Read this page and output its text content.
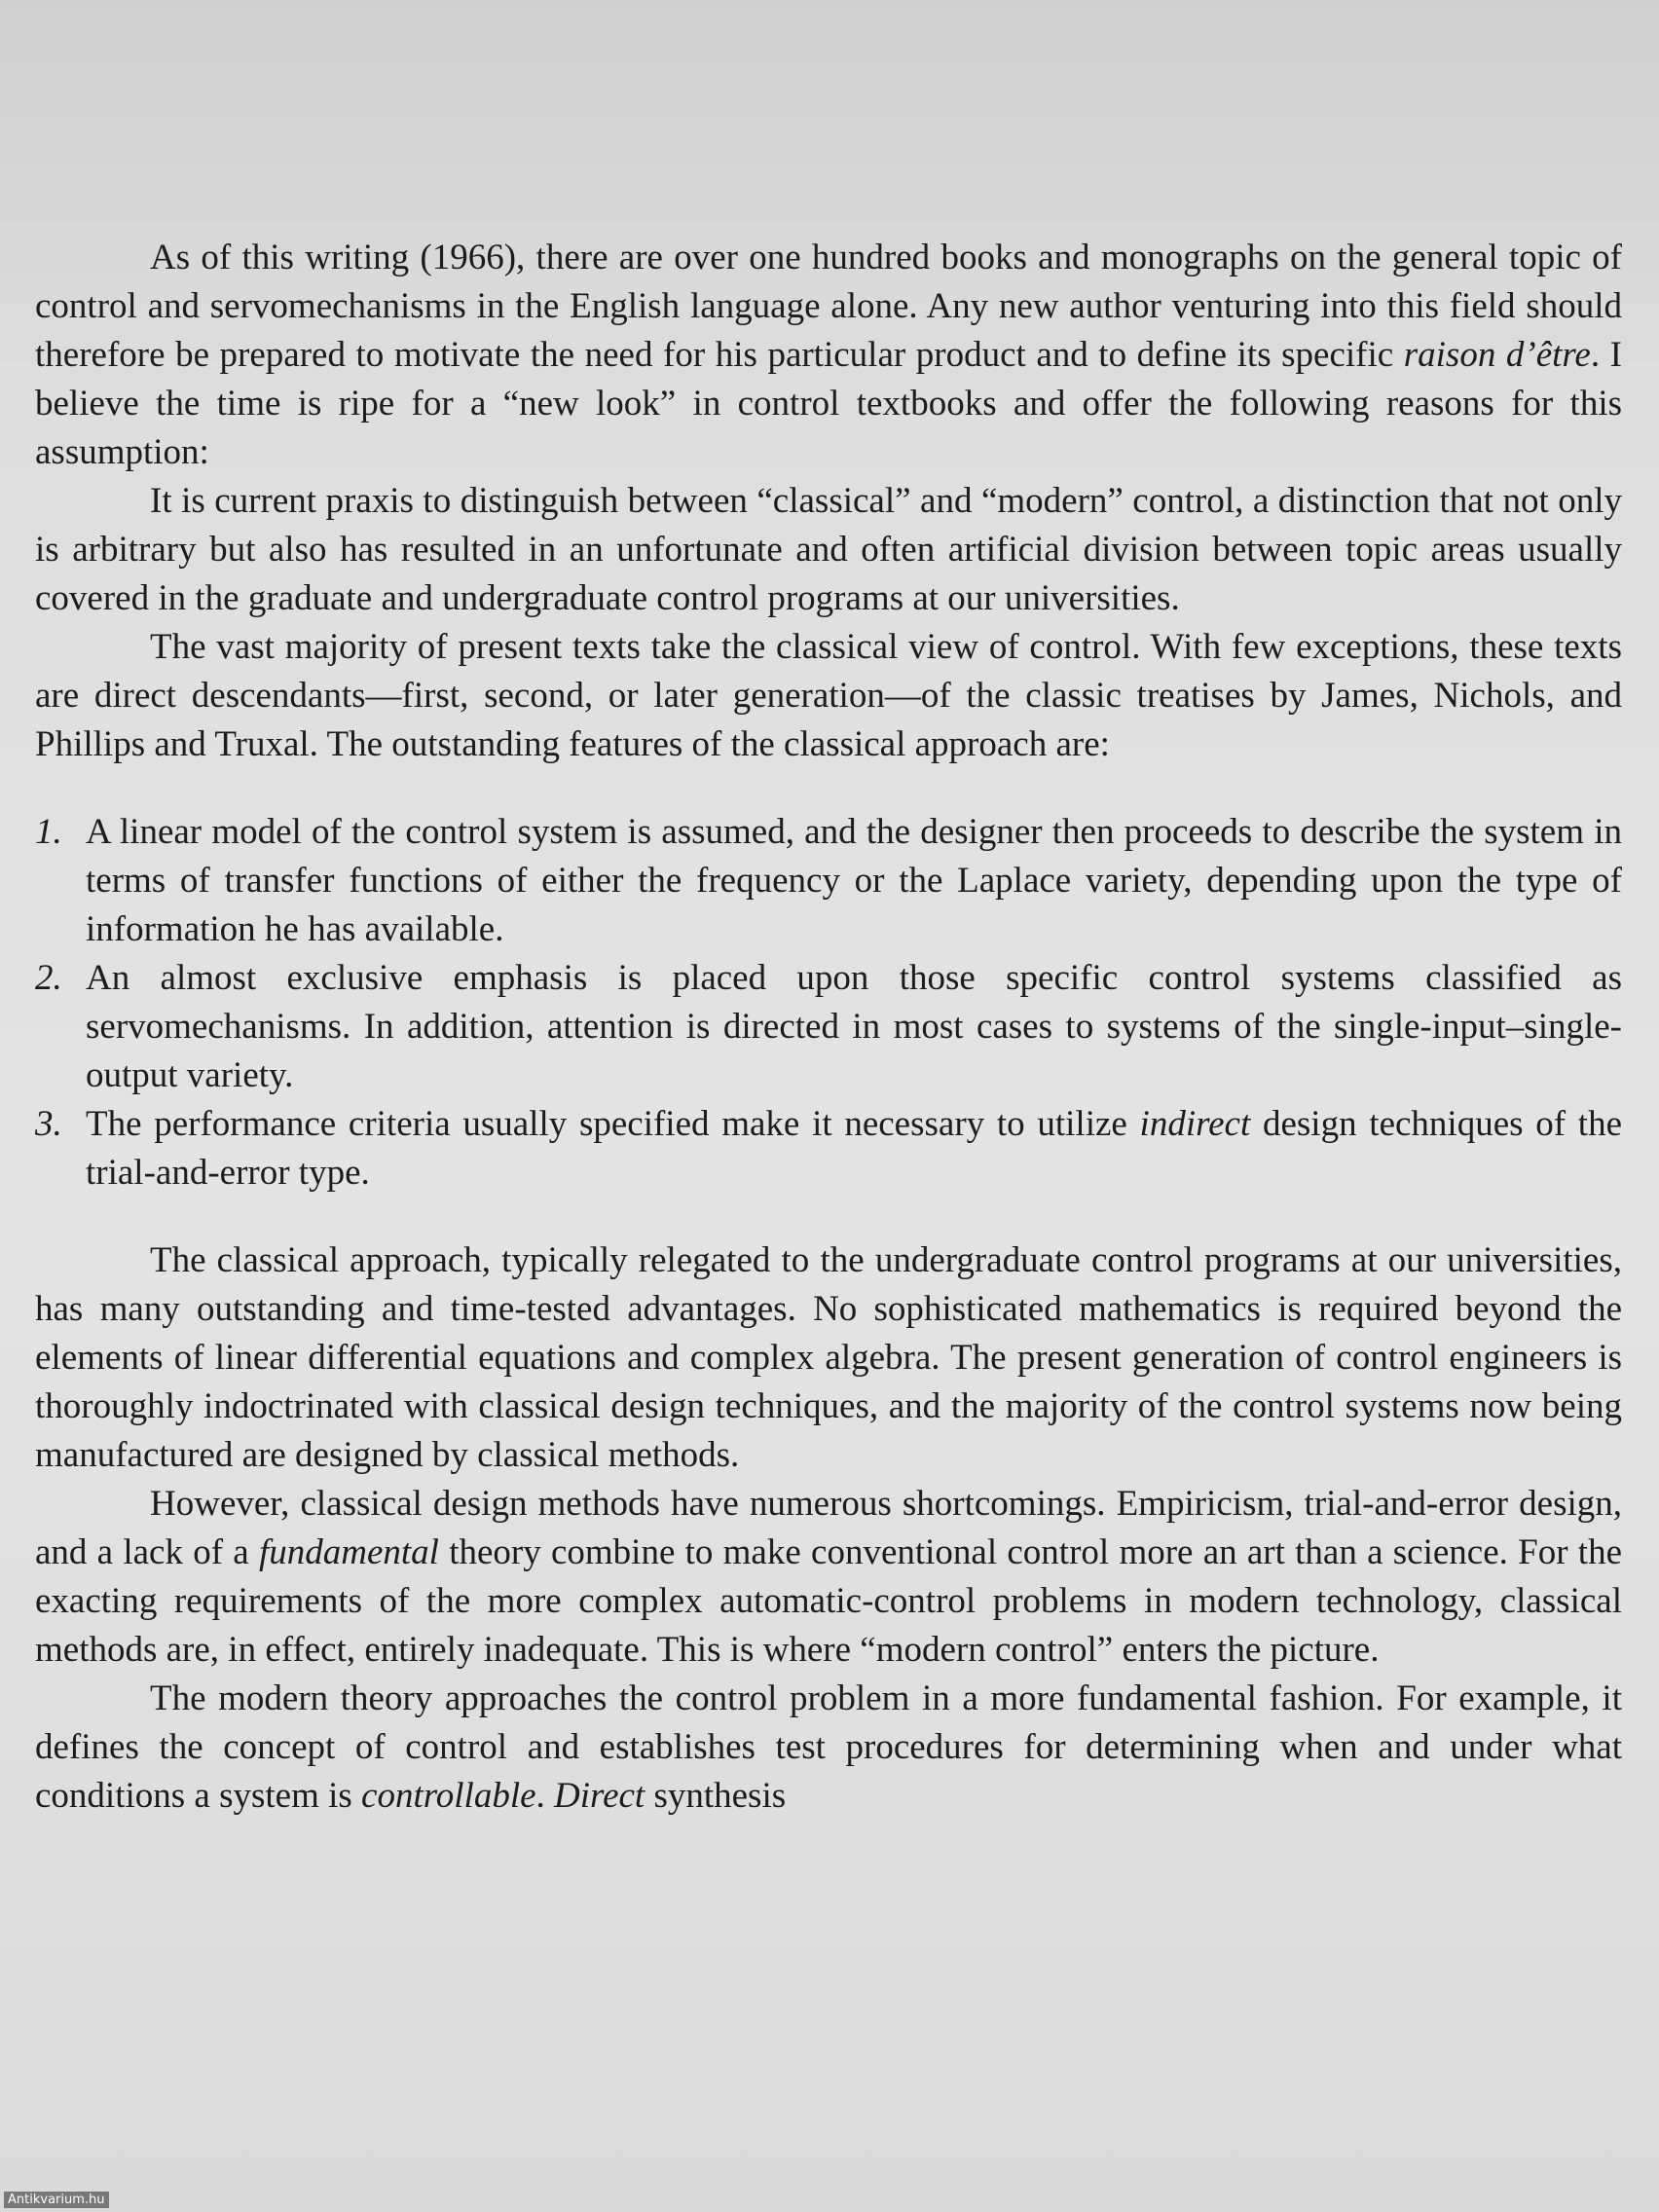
As of this writing (1966), there are over one hundred books and monographs on the general topic of control and servomechanisms in the English language alone. Any new author venturing into this field should therefore be prepared to motivate the need for his particular product and to define its specific raison d’être. I believe the time is ripe for a “new look” in control textbooks and offer the following reasons for this assumption:

It is current praxis to distinguish between “classical” and “modern” control, a distinction that not only is arbitrary but also has resulted in an unfortunate and often artificial division between topic areas usually covered in the graduate and undergraduate control programs at our universities.

The vast majority of present texts take the classical view of control. With few exceptions, these texts are direct descendants—first, second, or later generation—of the classic treatises by James, Nichols, and Phillips and Truxal. The outstanding features of the classical approach are:

1. A linear model of the control system is assumed, and the designer then proceeds to describe the system in terms of transfer functions of either the frequency or the Laplace variety, depending upon the type of information he has available.
2. An almost exclusive emphasis is placed upon those specific control systems classified as servomechanisms. In addition, attention is directed in most cases to systems of the single-input–single-output variety.
3. The performance criteria usually specified make it necessary to utilize indirect design techniques of the trial-and-error type.

The classical approach, typically relegated to the undergraduate control programs at our universities, has many outstanding and time-tested advantages. No sophisticated mathematics is required beyond the elements of linear differential equations and complex algebra. The present generation of control engineers is thoroughly indoctrinated with classical design techniques, and the majority of the control systems now being manufactured are designed by classical methods.

However, classical design methods have numerous shortcomings. Empiricism, trial-and-error design, and a lack of a fundamental theory combine to make conventional control more an art than a science. For the exacting requirements of the more complex automatic-control problems in modern technology, classical methods are, in effect, entirely inadequate. This is where “modern control” enters the picture.

The modern theory approaches the control problem in a more fundamental fashion. For example, it defines the concept of control and establishes test procedures for determining when and under what conditions a system is controllable. Direct synthesis

Antikvarium.hu
